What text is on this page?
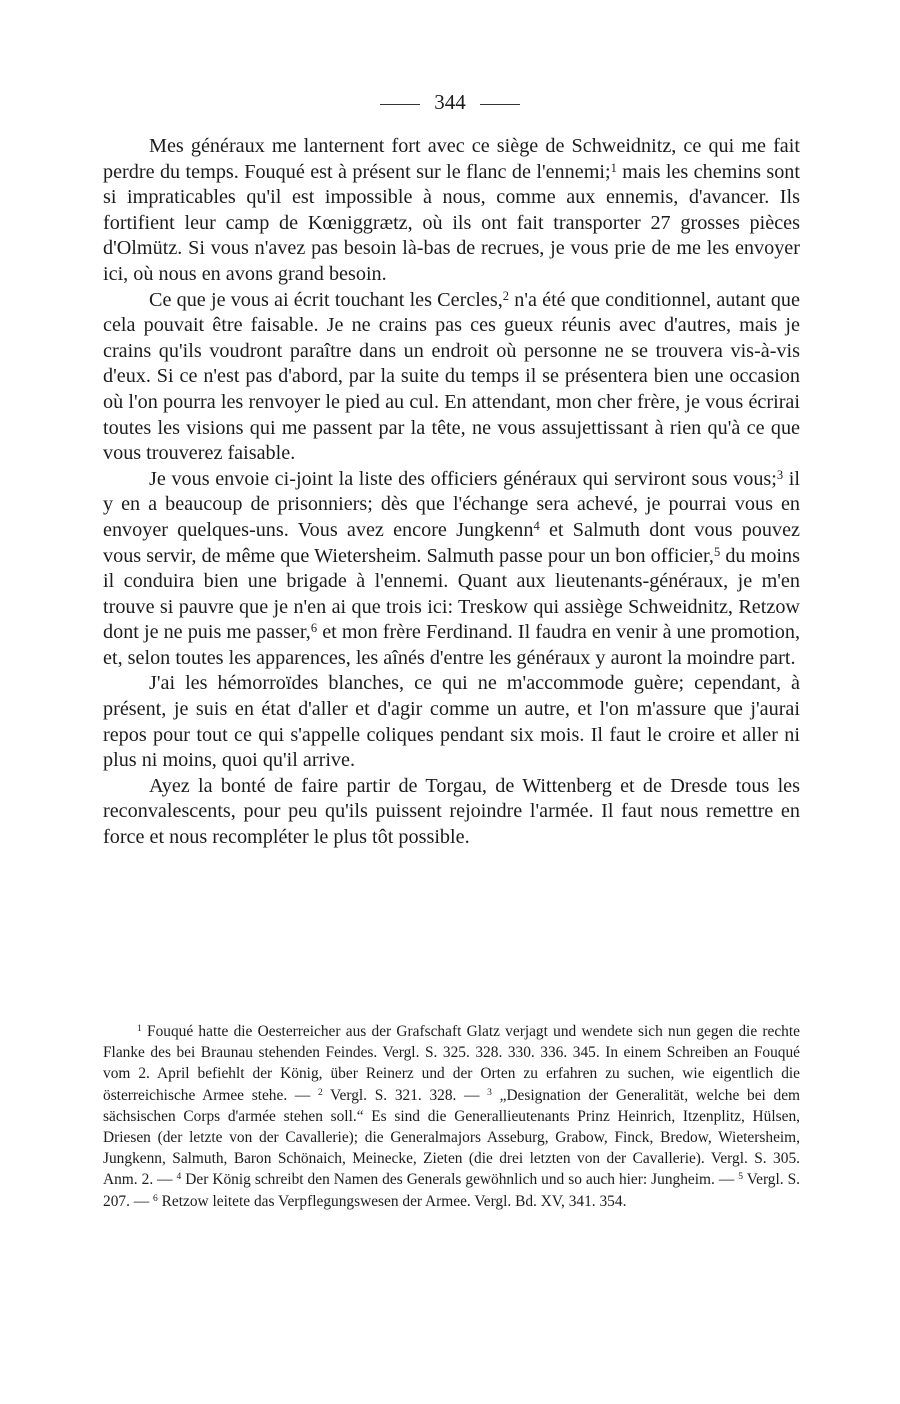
344

Mes généraux me lanternent fort avec ce siège de Schweidnitz, ce qui me fait perdre du temps. Fouqué est à présent sur le flanc de l'ennemi;$^1$ mais les chemins sont si impraticables qu'il est impossible à nous, comme aux ennemis, d'avancer. Ils fortifient leur camp de Kœniggrætz, où ils ont fait transporter 27 grosses pièces d'Olmütz. Si vous n'avez pas besoin là-bas de recrues, je vous prie de me les envoyer ici, où nous en avons grand besoin.

Ce que je vous ai écrit touchant les Cercles,$^2$ n'a été que conditionnel, autant que cela pouvait être faisable. Je ne crains pas ces gueux réunis avec d'autres, mais je crains qu'ils voudront paraître dans un endroit où personne ne se trouvera vis-à-vis d'eux. Si ce n'est pas d'abord, par la suite du temps il se présentera bien une occasion où l'on pourra les renvoyer le pied au cul. En attendant, mon cher frère, je vous écrirai toutes les visions qui me passent par la tête, ne vous assujettissant à rien qu'à ce que vous trouverez faisable.

Je vous envoie ci-joint la liste des officiers généraux qui serviront sous vous;$^3$ il y en a beaucoup de prisonniers; dès que l'échange sera achevé, je pourrai vous en envoyer quelques-uns. Vous avez encore Jungkenn$^4$ et Salmuth dont vous pouvez vous servir, de même que Wietersheim. Salmuth passe pour un bon officier,$^5$ du moins il conduira bien une brigade à l'ennemi. Quant aux lieutenants-généraux, je m'en trouve si pauvre que je n'en ai que trois ici: Treskow qui assiège Schweidnitz, Retzow dont je ne puis me passer,$^6$ et mon frère Ferdinand. Il faudra en venir à une promotion, et, selon toutes les apparences, les aînés d'entre les généraux y auront la moindre part.

J'ai les hémorroïdes blanches, ce qui ne m'accommode guère; cependant, à présent, je suis en état d'aller et d'agir comme un autre, et l'on m'assure que j'aurai repos pour tout ce qui s'appelle coliques pendant six mois. Il faut le croire et aller ni plus ni moins, quoi qu'il arrive.

Ayez la bonté de faire partir de Torgau, de Wittenberg et de Dresde tous les reconvalescents, pour peu qu'ils puissent rejoindre l'armée. Il faut nous remettre en force et nous recompléter le plus tôt possible.

$^1$ Fouqué hatte die Oesterreicher aus der Grafschaft Glatz verjagt und wendete sich nun gegen die rechte Flanke des bei Braunau stehenden Feindes. Vergl. S. 325. 328. 330. 336. 345. In einem Schreiben an Fouqué vom 2. April befiehlt der König, über Reinerz und der Orten zu erfahren zu suchen, wie eigentlich die österreichische Armee stehe. — $^2$ Vergl. S. 321. 328. — $^3$ „Designation der Generalität, welche bei dem sächsischen Corps d'armée stehen soll.“ Es sind die Generallieutenants Prinz Heinrich, Itzenplitz, Hülsen, Driesen (der letzte von der Cavallerie); die Generalmajors Asseburg, Grabow, Finck, Bredow, Wietersheim, Jungkenn, Salmuth, Baron Schönaich, Meinecke, Zieten (die drei letzten von der Cavallerie). Vergl. S. 305. Anm. 2. — $^4$ Der König schreibt den Namen des Generals gewöhnlich und so auch hier: Jungheim. — $^5$ Vergl. S. 207. — $^6$ Retzow leitete das Verpflegungswesen der Armee. Vergl. Bd. XV, 341. 354.
